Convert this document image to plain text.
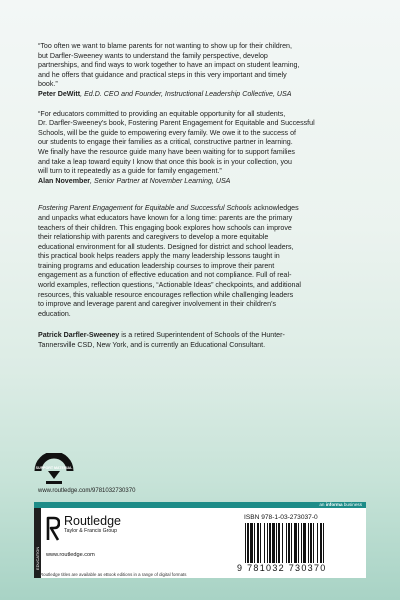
“Too often we want to blame parents for not wanting to show up for their children,
but Darfler-Sweeney wants to understand the family perspective, develop
partnerships, and find ways to work together to have an impact on student learning,
and he offers that guidance and practical steps in this very important and timely
book.”

Peter DeWitt, Ed.D. CEO and Founder, Instructional Leadership Collective, USA

“For educators committed to providing an equitable opportunity for all students,
Dr. Darfler-Sweeney’s book, Fostering Parent Engagement for Equitable and Successful
Schools, will be the guide to empowering every family. We owe it to the success of
our students to engage their families as a critical, constructive partner in learning.
We finally have the resource guide many have been waiting for to support families
and take a leap toward equity I know that once this book is in your collection, you
will turn to it repeatedly as a guide for family engagement.”

Alan November, Senior Partner at November Learning, USA

Fostering Parent Engagement for Equitable and Successful Schools acknowledges
and unpacks what educators have known for a long time: parents are the primary
teachers of their children. This engaging book explores how schools can improve
their relationship with parents and caregivers to develop a more equitable
educational environment for all students. Designed for district and school leaders,
this practical book helps readers apply the many leadership lessons taught in
training programs and education leadership courses to improve their parent
engagement as a function of effective education and not compliance. Full of real-
world examples, reflection questions, “Actionable Ideas” checkpoints, and additional
resources, this valuable resource encourages reflection while challenging leaders
to improve and leverage parent and caregiver involvement in their children’s
education.

Patrick Darfler-Sweeney is a retired Superintendent of Schools of the Hunter-
Tannersville CSD, New York, and is currently an Educational Consultant.

SUPPORT MATERIAL
www.routledge.com/9781032730370
an informa business
EDUCATION
Routledge
Taylor & Francis Group
www.routledge.com
Routledge titles are available as eBook editions in a range of digital formats
ISBN 978-1-03-273037-0
9 781032 730370
